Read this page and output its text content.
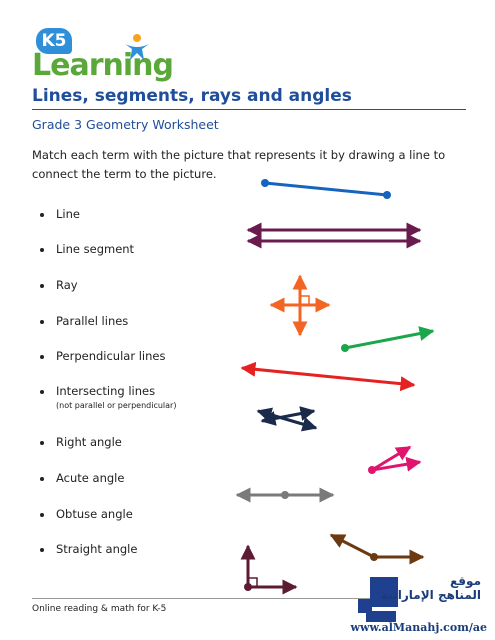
K5
Learning
Lines, segments, rays and angles
Grade 3 Geometry Worksheet
Match each term with the picture that represents it by drawing a line to connect the term to the picture.
Line
Line segment
Ray
Parallel lines
Perpendicular lines
Intersecting lines
(not parallel or perpendicular)
Right angle
Acute angle
Obtuse angle
Straight angle
Online reading & math for K-5
موقع
المناهج الإماراتية
www.alManahj.com/ae
